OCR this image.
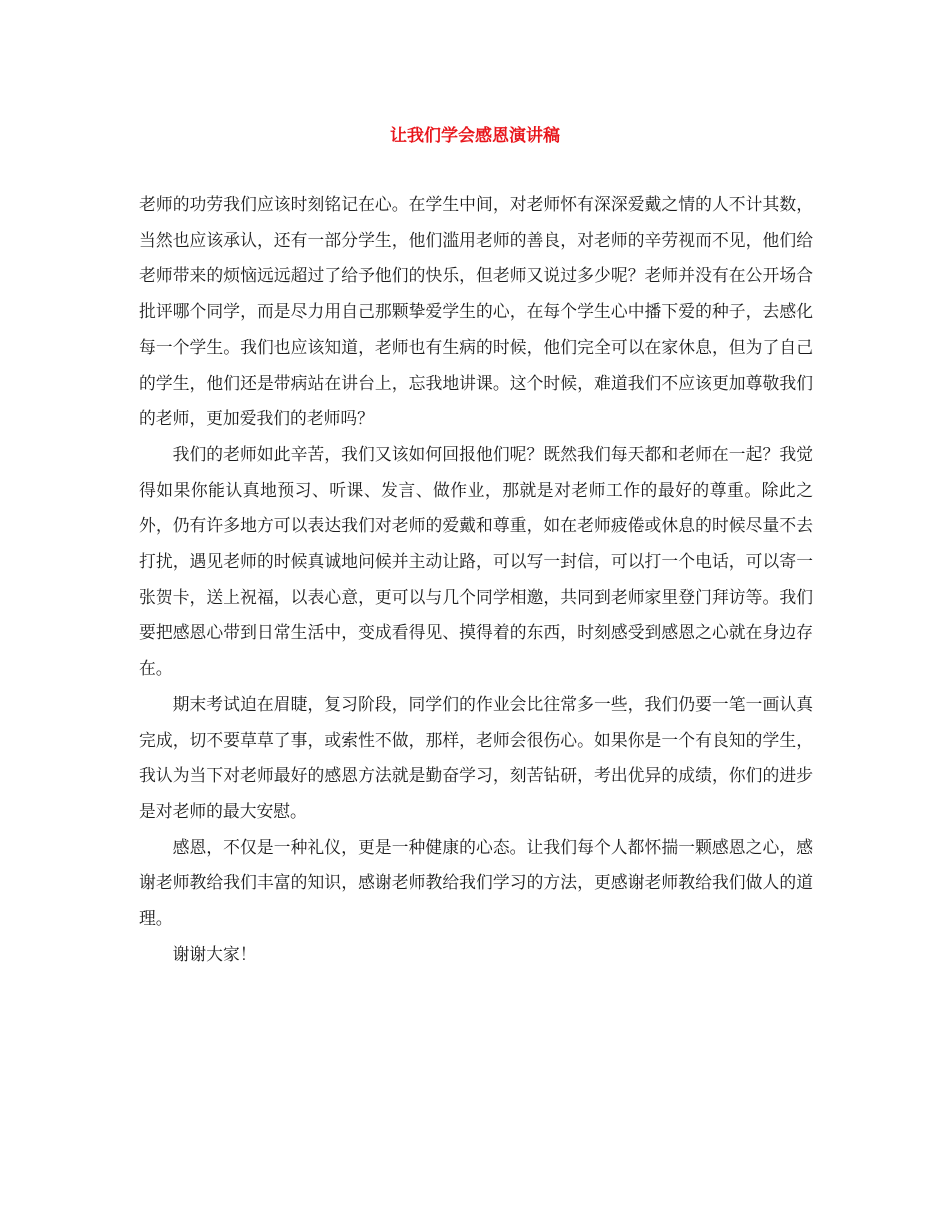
让我们学会感恩演讲稿

老师的功劳我们应该时刻铭记在心。在学生中间，对老师怀有深深爱戴之情的人不计其数，当然也应该承认，还有一部分学生，他们滥用老师的善良，对老师的辛劳视而不见，他们给老师带来的烦恼远远超过了给予他们的快乐，但老师又说过多少呢？老师并没有在公开场合批评哪个同学，而是尽力用自己那颗挚爱学生的心，在每个学生心中播下爱的种子，去感化每一个学生。我们也应该知道，老师也有生病的时候，他们完全可以在家休息，但为了自己的学生，他们还是带病站在讲台上，忘我地讲课。这个时候，难道我们不应该更加尊敬我们的老师，更加爱我们的老师吗？

我们的老师如此辛苦，我们又该如何回报他们呢？既然我们每天都和老师在一起？我觉得如果你能认真地预习、听课、发言、做作业，那就是对老师工作的最好的尊重。除此之外，仍有许多地方可以表达我们对老师的爱戴和尊重，如在老师疲倦或休息的时候尽量不去打扰，遇见老师的时候真诚地问候并主动让路，可以写一封信，可以打一个电话，可以寄一张贺卡，送上祝福，以表心意，更可以与几个同学相邀，共同到老师家里登门拜访等。我们要把感恩心带到日常生活中，变成看得见、摸得着的东西，时刻感受到感恩之心就在身边存在。

期末考试迫在眉睫，复习阶段，同学们的作业会比往常多一些，我们仍要一笔一画认真完成，切不要草草了事，或索性不做，那样，老师会很伤心。如果你是一个有良知的学生，我认为当下对老师最好的感恩方法就是勤奋学习，刻苦钻研，考出优异的成绩，你们的进步是对老师的最大安慰。

感恩，不仅是一种礼仪，更是一种健康的心态。让我们每个人都怀揣一颗感恩之心，感谢老师教给我们丰富的知识，感谢老师教给我们学习的方法，更感谢老师教给我们做人的道理。

谢谢大家！
